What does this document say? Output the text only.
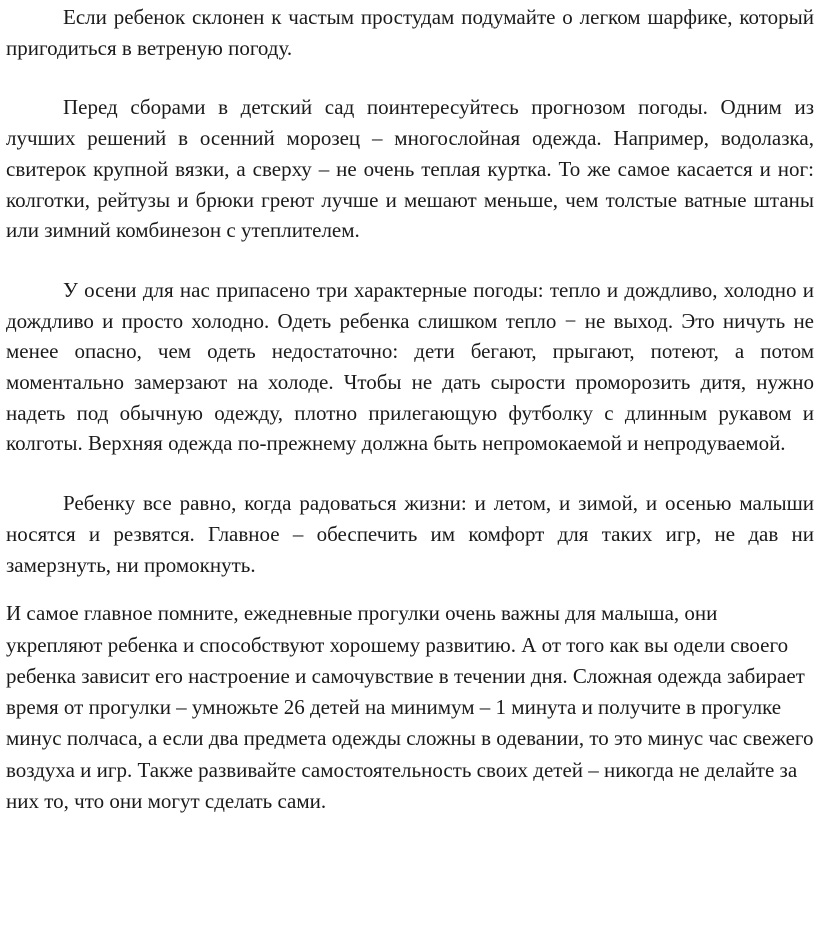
Если ребенок склонен к частым простудам подумайте о легком шарфике, который пригодиться в ветреную погоду.

Перед сборами в детский сад поинтересуйтесь прогнозом погоды. Одним из лучших решений в осенний морозец – многослойная одежда. Например, водолазка, свитерок крупной вязки, а сверху – не очень теплая куртка. То же самое касается и ног: колготки, рейтузы и брюки греют лучше и мешают меньше, чем толстые ватные штаны или зимний комбинезон с утеплителем.

У осени для нас припасено три характерные погоды: тепло и дождливо, холодно и дождливо и просто холодно. Одеть ребенка слишком тепло − не выход. Это ничуть не менее опасно, чем одеть недостаточно: дети бегают, прыгают, потеют, а потом моментально замерзают на холоде. Чтобы не дать сырости проморозить дитя, нужно надеть под обычную одежду, плотно прилегающую футболку с длинным рукавом и колготы. Верхняя одежда по-прежнему должна быть непромокаемой и непродуваемой.

Ребенку все равно, когда радоваться жизни: и летом, и зимой, и осенью малыши носятся и резвятся. Главное – обеспечить им комфорт для таких игр, не дав ни замерзнуть, ни промокнуть.

И самое главное помните, ежедневные прогулки очень важны для малыша, они укрепляют ребенка и способствуют хорошему развитию. А от того как вы одели своего ребенка зависит его настроение и самочувствие в течении дня. Сложная одежда забирает время от прогулки – умножьте 26 детей на минимум – 1 минута и получите в прогулке минус полчаса, а если два предмета одежды сложны в одевании, то это минус час свежего воздуха и игр. Также развивайте самостоятельность своих детей – никогда не делайте за них то, что они могут сделать сами.
